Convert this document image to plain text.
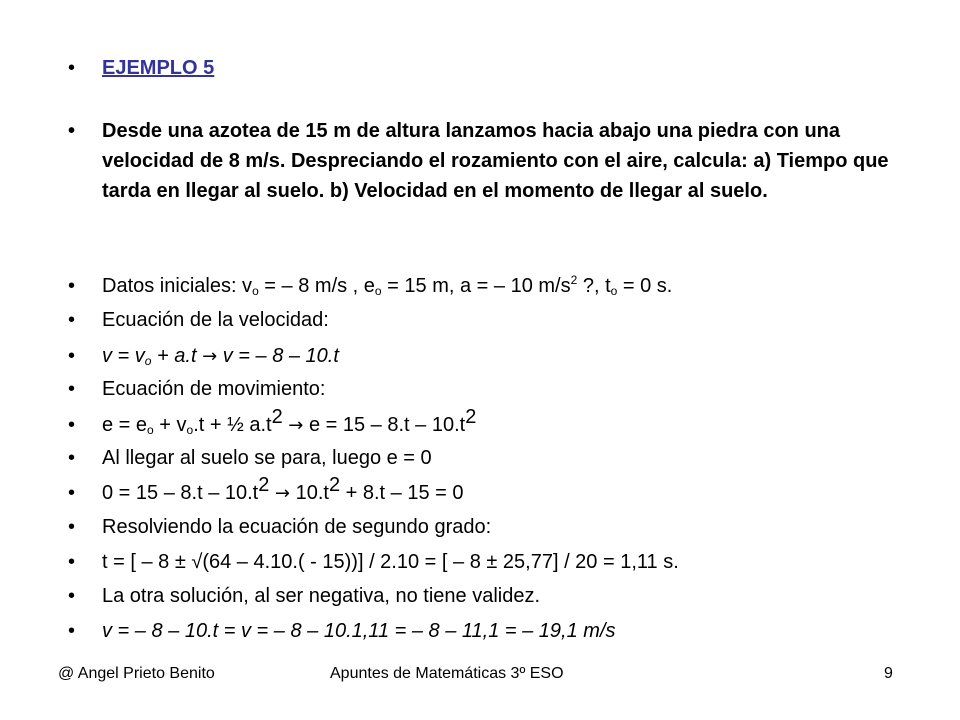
• EJEMPLO 5
• Desde una azotea de 15 m de altura lanzamos hacia abajo una piedra con una velocidad de 8 m/s. Despreciando el rozamiento con el aire, calcula: a) Tiempo que tarda en llegar al suelo. b) Velocidad en el momento de llegar al suelo.
• Datos iniciales: $v_o$ = – 8 m/s , $e_o = 15$ m, a = – 10 $m/s^2$ ?, $t_o = 0$ s.
• Ecuación de la velocidad:
• $v = v_o + a.t \to v$ = – 8 – 10.t
• Ecuación de movimiento:
• $e = e_o + v_o.t$ + ½ $a.t^2 \to e = 15 - 8.t - 10.t^2$
• Al llegar al suelo se para, luego e = 0
• $0 = 15 - 8.t - 10.t^2 \to 10.t^2 + 8.t - 15 = 0$
• Resolviendo la ecuación de segundo grado:
• t = [ – 8 ± √(64 – 4.10.( - 15))] / 2.10 = [ – 8 ± 25,77] / 20 = 1,11 s.
• La otra solución, al ser negativa, no tiene validez.
• v = – 8 – 10.t = v = – 8 – 10.1,11 = – 8 – 11,1 = – 19,1 m/s
@ Angel Prieto Benito	Apuntes de Matemáticas 3º ESO	9
